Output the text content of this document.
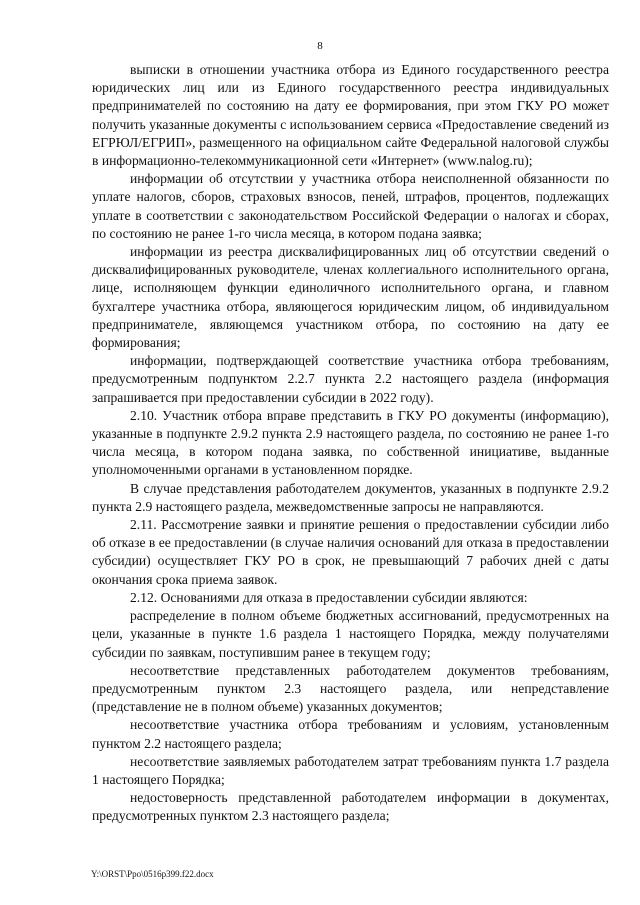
8

выписки в отношении участника отбора из Единого государственного реестра юридических лиц или из Единого государственного реестра индивидуальных предпринимателей по состоянию на дату ее формирования, при этом ГКУ РО может получить указанные документы с использованием сервиса «Предоставление сведений из ЕГРЮЛ/ЕГРИП», размещенного на официальном сайте Федеральной налоговой службы в информационно-телекоммуникационной сети «Интернет» (www.nalog.ru);

информации об отсутствии у участника отбора неисполненной обязанности по уплате налогов, сборов, страховых взносов, пеней, штрафов, процентов, подлежащих уплате в соответствии с законодательством Российской Федерации о налогах и сборах, по состоянию не ранее 1-го числа месяца, в котором подана заявка;

информации из реестра дисквалифицированных лиц об отсутствии сведений о дисквалифицированных руководителе, членах коллегиального исполнительного органа, лице, исполняющем функции единоличного исполнительного органа, и главном бухгалтере участника отбора, являющегося юридическим лицом, об индивидуальном предпринимателе, являющемся участником отбора, по состоянию на дату ее формирования;

информации, подтверждающей соответствие участника отбора требованиям, предусмотренным подпунктом 2.2.7 пункта 2.2 настоящего раздела (информация запрашивается при предоставлении субсидии в 2022 году).

2.10. Участник отбора вправе представить в ГКУ РО документы (информацию), указанные в подпункте 2.9.2 пункта 2.9 настоящего раздела, по состоянию не ранее 1-го числа месяца, в котором подана заявка, по собственной инициативе, выданные уполномоченными органами в установленном порядке.

В случае представления работодателем документов, указанных в подпункте 2.9.2 пункта 2.9 настоящего раздела, межведомственные запросы не направляются.

2.11. Рассмотрение заявки и принятие решения о предоставлении субсидии либо об отказе в ее предоставлении (в случае наличия оснований для отказа в предоставлении субсидии) осуществляет ГКУ РО в срок, не превышающий 7 рабочих дней с даты окончания срока приема заявок.

2.12. Основаниями для отказа в предоставлении субсидии являются:

распределение в полном объеме бюджетных ассигнований, предусмотренных на цели, указанные в пункте 1.6 раздела 1 настоящего Порядка, между получателями субсидии по заявкам, поступившим ранее в текущем году;

несоответствие представленных работодателем документов требованиям, предусмотренным пунктом 2.3 настоящего раздела, или непредставление (представление не в полном объеме) указанных документов;

несоответствие участника отбора требованиям и условиям, установленным пунктом 2.2 настоящего раздела;

несоответствие заявляемых работодателем затрат требованиям пункта 1.7 раздела 1 настоящего Порядка;

недостоверность представленной работодателем информации в документах, предусмотренных пунктом 2.3 настоящего раздела;

Y:\ORST\Ppo\0516p399.f22.docx
